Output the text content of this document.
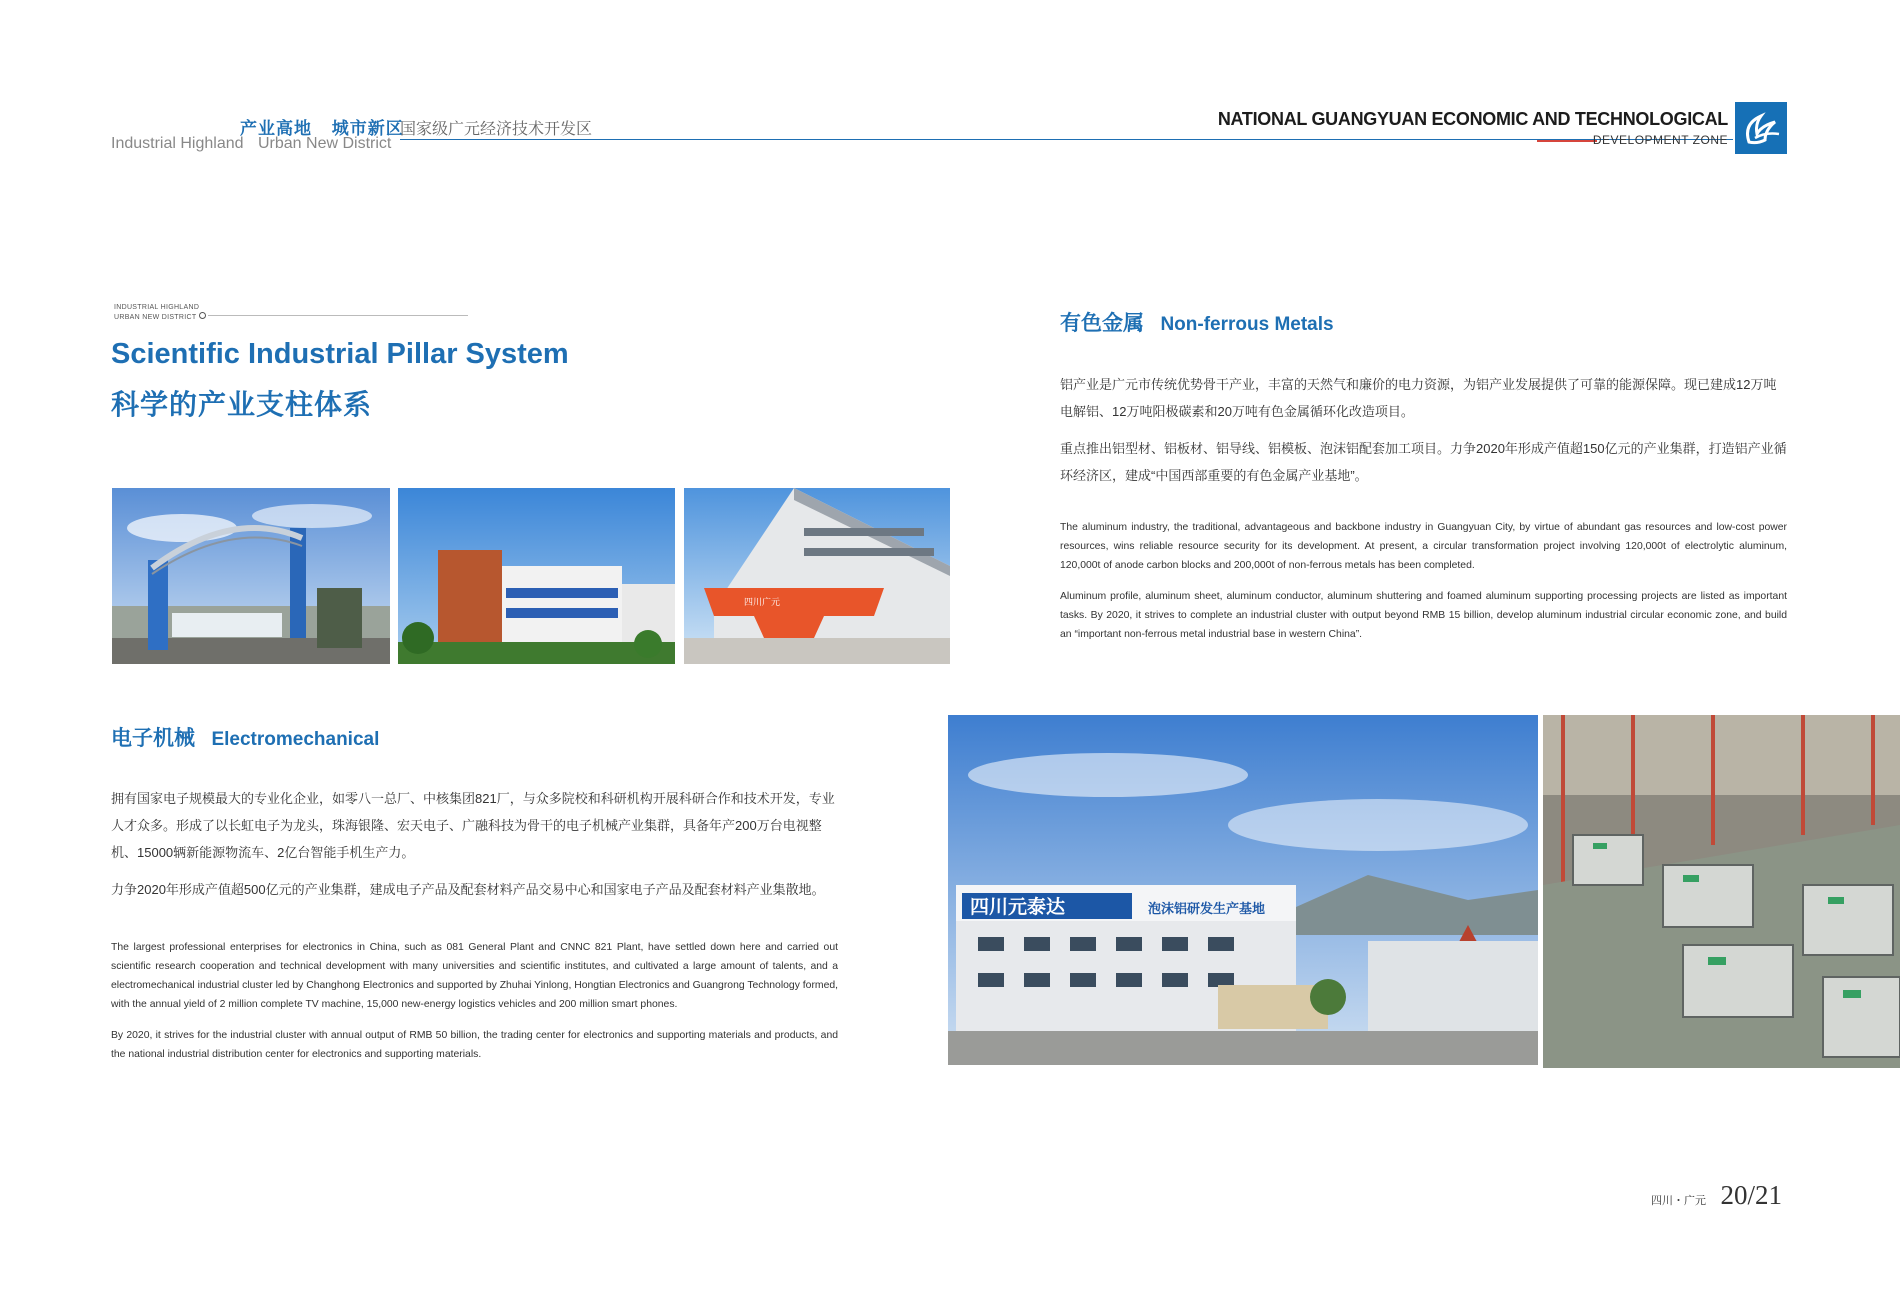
产业高地 城市新区
Industrial Highland Urban New District
国家级广元经济技术开发区
NATIONAL GUANGYUAN ECONOMIC AND TECHNOLOGICAL
DEVELOPMENT ZONE
INDUSTRIAL HIGHLAND
URBAN NEW DISTRICT
Scientific Industrial Pillar System
科学的产业支柱体系
四川广元
电子机械 Electromechanical

拥有国家电子规模最大的专业化企业，如零八一总厂、中核集团821厂，与众多院校和科研机构开展科研合作和技术开发，专业人才众多。形成了以长虹电子为龙头，珠海银隆、宏天电子、广融科技为骨干的电子机械产业集群，具备年产200万台电视整机、15000辆新能源物流车、2亿台智能手机生产力。

力争2020年形成产值超500亿元的产业集群，建成电子产品及配套材料产品交易中心和国家电子产品及配套材料产业集散地。

The largest professional enterprises for electronics in China, such as 081 General Plant and CNNC 821 Plant, have settled down here and carried out scientific research cooperation and technical development with many universities and scientific institutes, and cultivated a large amount of talents, and a electromechanical industrial cluster led by Changhong Electronics and supported by Zhuhai Yinlong, Hongtian Electronics and Guangrong Technology formed, with the annual yield of 2 million complete TV machine, 15,000 new-energy logistics vehicles and 200 million smart phones.

By 2020, it strives for the industrial cluster with annual output of RMB 50 billion, the trading center for electronics and supporting materials and products, and the national industrial distribution center for electronics and supporting materials.

有色金属 Non-ferrous Metals

铝产业是广元市传统优势骨干产业，丰富的天然气和廉价的电力资源，为铝产业发展提供了可靠的能源保障。现已建成12万吨电解铝、12万吨阳极碳素和20万吨有色金属循环化改造项目。

重点推出铝型材、铝板材、铝导线、铝模板、泡沫铝配套加工项目。力争2020年形成产值超150亿元的产业集群，打造铝产业循环经济区，建成“中国西部重要的有色金属产业基地”。

The aluminum industry, the traditional, advantageous and backbone industry in Guangyuan City, by virtue of abundant gas resources and low-cost power resources, wins reliable resource security for its development. At present, a circular transformation project involving 120,000t of electrolytic aluminum, 120,000t of anode carbon blocks and 200,000t of non-ferrous metals has been completed.

Aluminum profile, aluminum sheet, aluminum conductor, aluminum shuttering and foamed aluminum supporting processing projects are listed as important tasks. By 2020, it strives to complete an industrial cluster with output beyond RMB 15 billion, develop aluminum industrial circular economic zone, and build an “important non-ferrous metal industrial base in western China”.

四川元泰达	泡沫铝研发生产基地
四川・广元 20/21
